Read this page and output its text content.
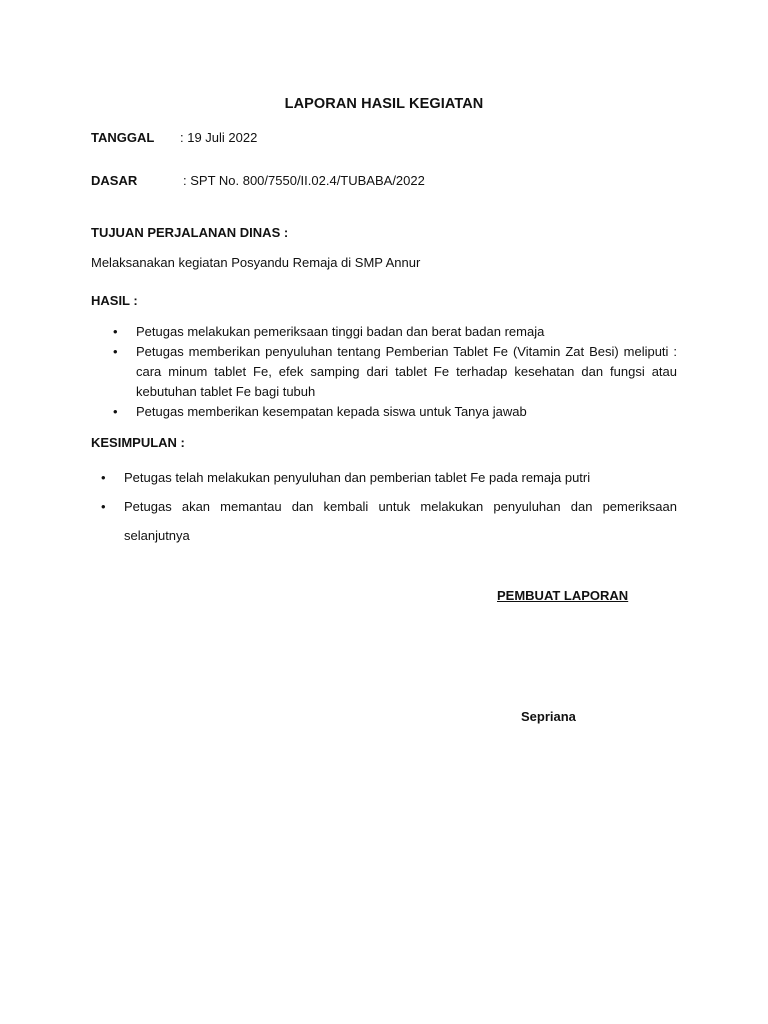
LAPORAN HASIL KEGIATAN
TANGGAL : 19 Juli 2022
DASAR	: SPT No. 800/7550/II.02.4/TUBABA/2022
TUJUAN PERJALANAN DINAS :
Melaksanakan kegiatan Posyandu Remaja di SMP Annur
HASIL :
• Petugas melakukan pemeriksaan tinggi badan dan berat badan remaja
• Petugas memberikan penyuluhan tentang Pemberian Tablet Fe (Vitamin Zat Besi) meliputi : cara minum tablet Fe, efek samping dari tablet Fe terhadap kesehatan dan fungsi atau kebutuhan tablet Fe bagi tubuh
• Petugas memberikan kesempatan kepada siswa untuk Tanya jawab
KESIMPULAN :
• Petugas telah melakukan penyuluhan dan pemberian tablet Fe pada remaja putri
• Petugas akan memantau dan kembali untuk melakukan penyuluhan dan pemeriksaan selanjutnya
PEMBUAT LAPORAN
Sepriana
